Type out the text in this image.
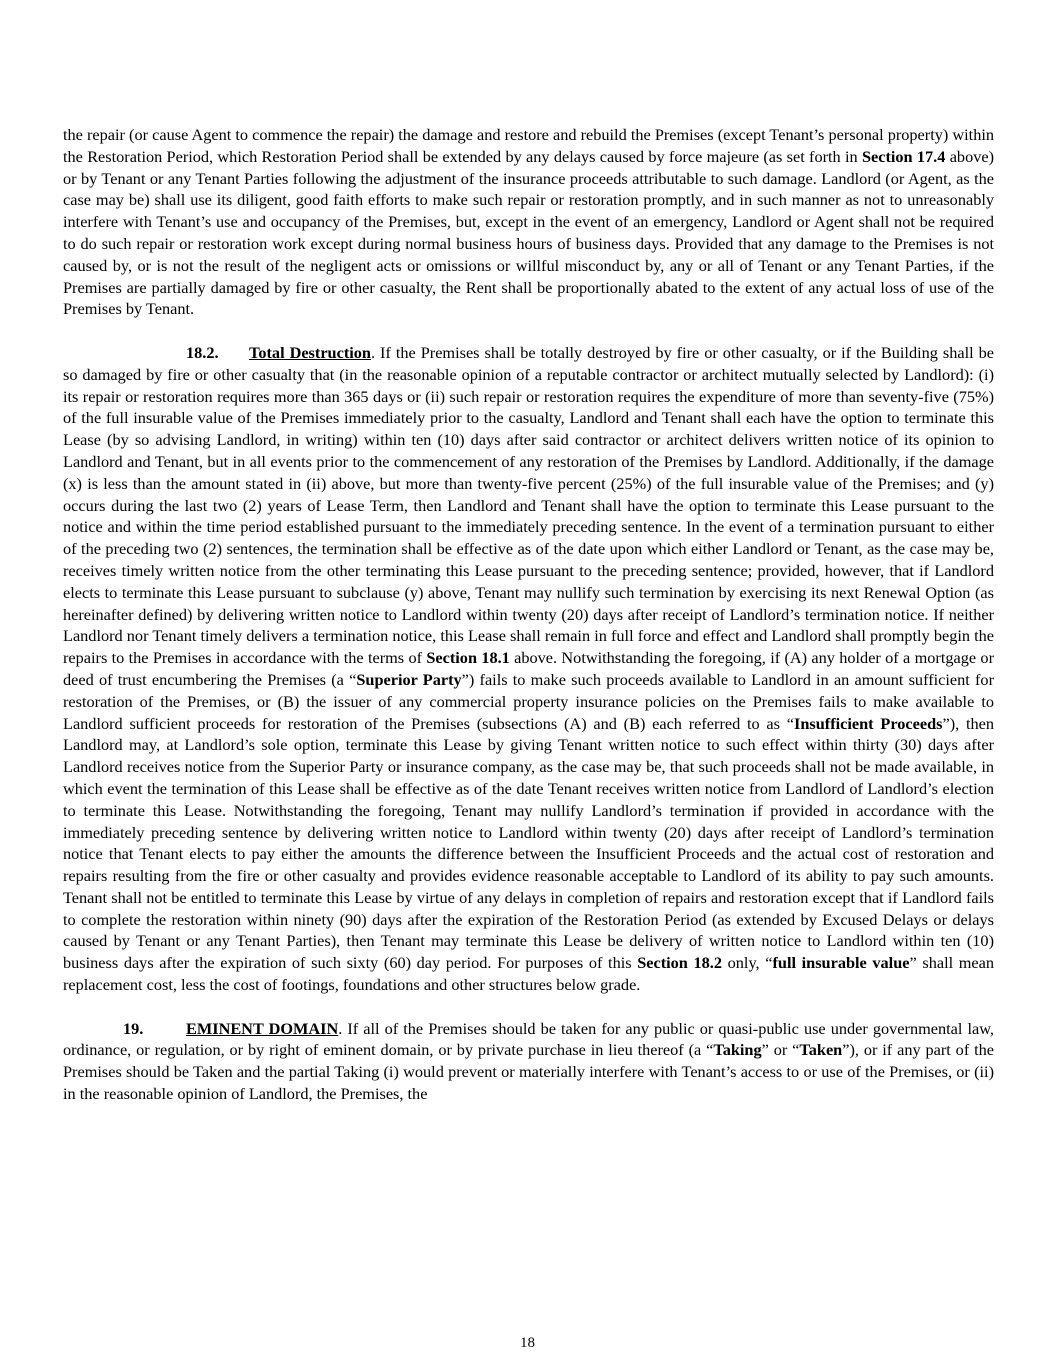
the repair (or cause Agent to commence the repair) the damage and restore and rebuild the Premises (except Tenant’s personal property) within the Restoration Period, which Restoration Period shall be extended by any delays caused by force majeure (as set forth in Section 17.4 above) or by Tenant or any Tenant Parties following the adjustment of the insurance proceeds attributable to such damage. Landlord (or Agent, as the case may be) shall use its diligent, good faith efforts to make such repair or restoration promptly, and in such manner as not to unreasonably interfere with Tenant’s use and occupancy of the Premises, but, except in the event of an emergency, Landlord or Agent shall not be required to do such repair or restoration work except during normal business hours of business days. Provided that any damage to the Premises is not caused by, or is not the result of the negligent acts or omissions or willful misconduct by, any or all of Tenant or any Tenant Parties, if the Premises are partially damaged by fire or other casualty, the Rent shall be proportionally abated to the extent of any actual loss of use of the Premises by Tenant.

18.2. Total Destruction. If the Premises shall be totally destroyed by fire or other casualty, or if the Building shall be so damaged by fire or other casualty that (in the reasonable opinion of a reputable contractor or architect mutually selected by Landlord): (i) its repair or restoration requires more than 365 days or (ii) such repair or restoration requires the expenditure of more than seventy-five (75%) of the full insurable value of the Premises immediately prior to the casualty, Landlord and Tenant shall each have the option to terminate this Lease (by so advising Landlord, in writing) within ten (10) days after said contractor or architect delivers written notice of its opinion to Landlord and Tenant, but in all events prior to the commencement of any restoration of the Premises by Landlord. Additionally, if the damage (x) is less than the amount stated in (ii) above, but more than twenty-five percent (25%) of the full insurable value of the Premises; and (y) occurs during the last two (2) years of Lease Term, then Landlord and Tenant shall have the option to terminate this Lease pursuant to the notice and within the time period established pursuant to the immediately preceding sentence. In the event of a termination pursuant to either of the preceding two (2) sentences, the termination shall be effective as of the date upon which either Landlord or Tenant, as the case may be, receives timely written notice from the other terminating this Lease pursuant to the preceding sentence; provided, however, that if Landlord elects to terminate this Lease pursuant to subclause (y) above, Tenant may nullify such termination by exercising its next Renewal Option (as hereinafter defined) by delivering written notice to Landlord within twenty (20) days after receipt of Landlord’s termination notice. If neither Landlord nor Tenant timely delivers a termination notice, this Lease shall remain in full force and effect and Landlord shall promptly begin the repairs to the Premises in accordance with the terms of Section 18.1 above. Notwithstanding the foregoing, if (A) any holder of a mortgage or deed of trust encumbering the Premises (a “Superior Party”) fails to make such proceeds available to Landlord in an amount sufficient for restoration of the Premises, or (B) the issuer of any commercial property insurance policies on the Premises fails to make available to Landlord sufficient proceeds for restoration of the Premises (subsections (A) and (B) each referred to as “Insufficient Proceeds”), then Landlord may, at Landlord’s sole option, terminate this Lease by giving Tenant written notice to such effect within thirty (30) days after Landlord receives notice from the Superior Party or insurance company, as the case may be, that such proceeds shall not be made available, in which event the termination of this Lease shall be effective as of the date Tenant receives written notice from Landlord of Landlord’s election to terminate this Lease. Notwithstanding the foregoing, Tenant may nullify Landlord’s termination if provided in accordance with the immediately preceding sentence by delivering written notice to Landlord within twenty (20) days after receipt of Landlord’s termination notice that Tenant elects to pay either the amounts the difference between the Insufficient Proceeds and the actual cost of restoration and repairs resulting from the fire or other casualty and provides evidence reasonable acceptable to Landlord of its ability to pay such amounts. Tenant shall not be entitled to terminate this Lease by virtue of any delays in completion of repairs and restoration except that if Landlord fails to complete the restoration within ninety (90) days after the expiration of the Restoration Period (as extended by Excused Delays or delays caused by Tenant or any Tenant Parties), then Tenant may terminate this Lease be delivery of written notice to Landlord within ten (10) business days after the expiration of such sixty (60) day period. For purposes of this Section 18.2 only, “full insurable value” shall mean replacement cost, less the cost of footings, foundations and other structures below grade.

19.	EMINENT DOMAIN. If all of the Premises should be taken for any public or quasi-public use under governmental law, ordinance, or regulation, or by right of eminent domain, or by private purchase in lieu thereof (a “Taking” or “Taken”), or if any part of the Premises should be Taken and the partial Taking (i) would prevent or materially interfere with Tenant’s access to or use of the Premises, or (ii) in the reasonable opinion of Landlord, the Premises, the

18
